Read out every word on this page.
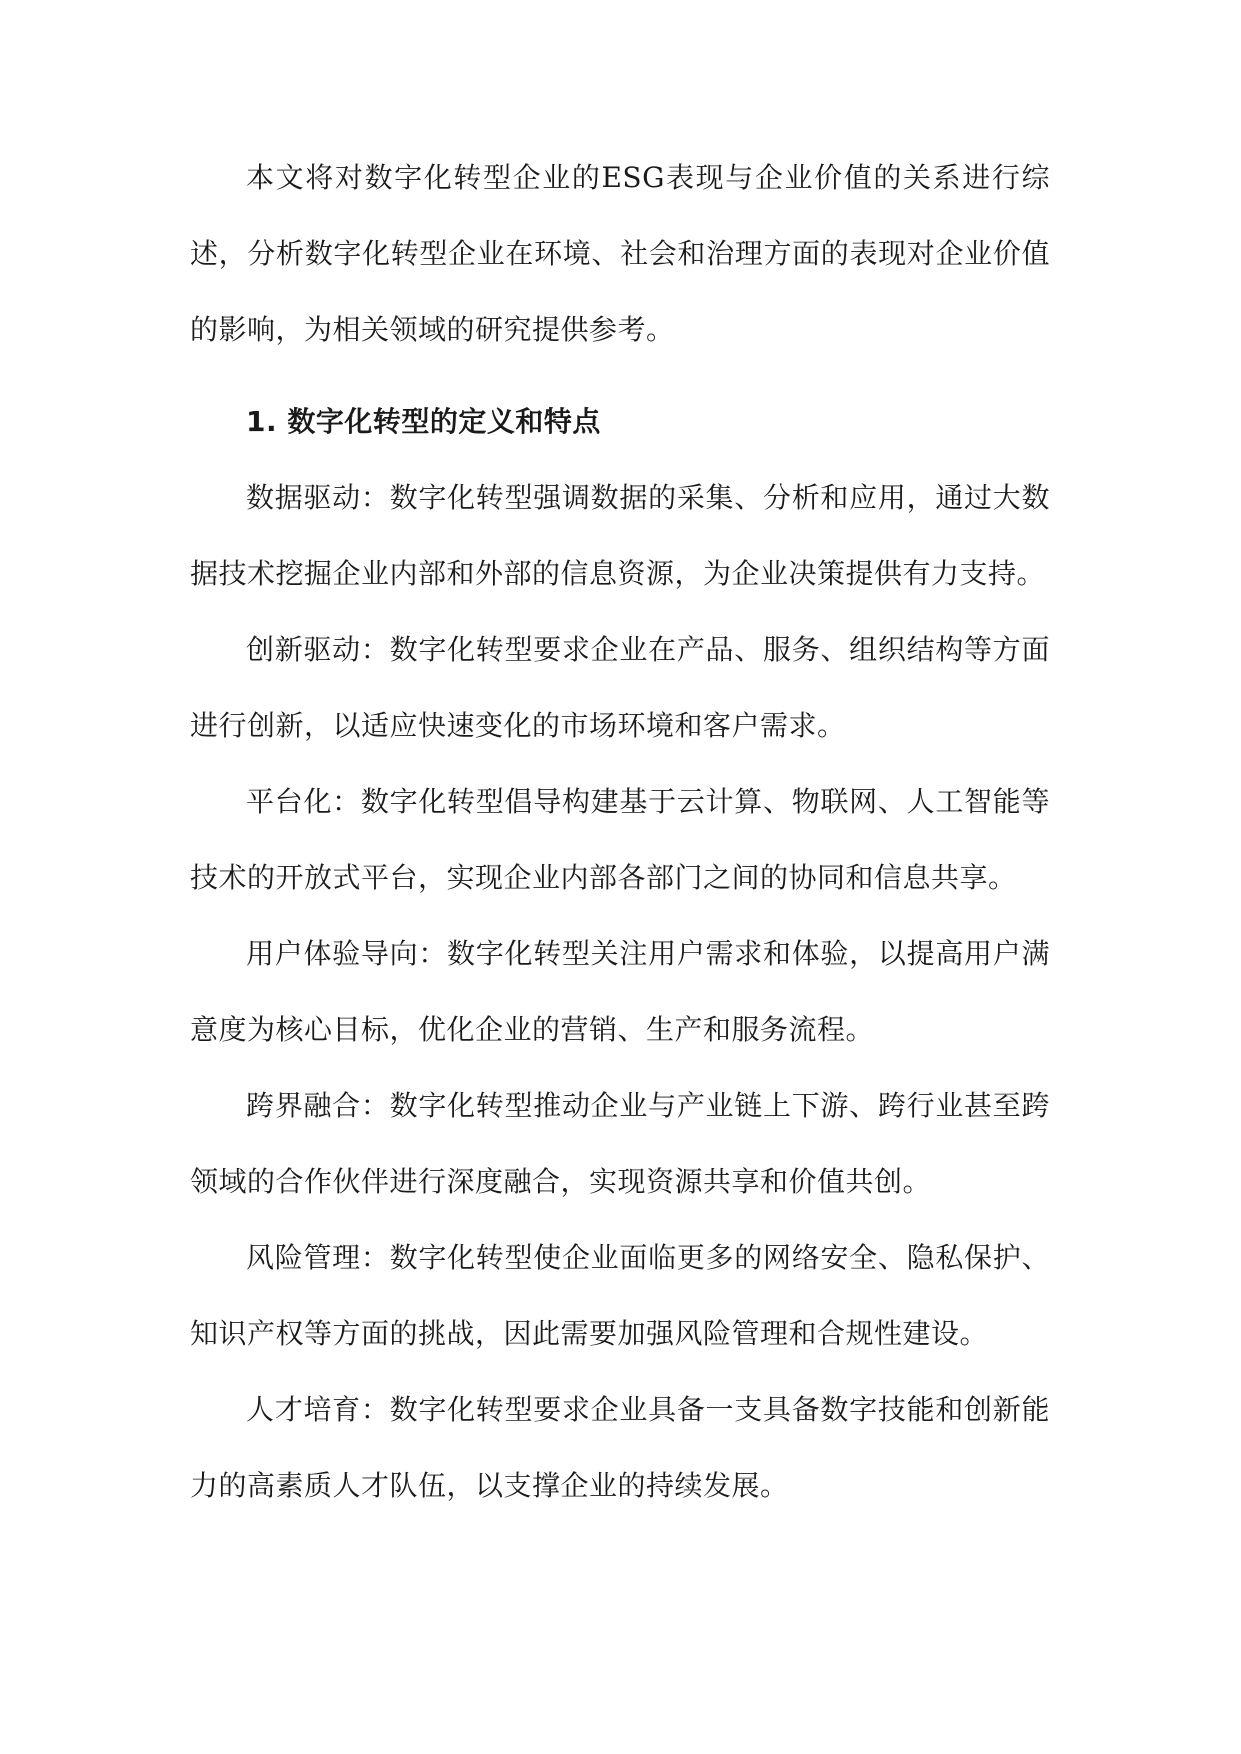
本文将对数字化转型企业的ESG表现与企业价值的关系进行综述，分析数字化转型企业在环境、社会和治理方面的表现对企业价值的影响，为相关领域的研究提供参考。

1. 数字化转型的定义和特点

数据驱动：数字化转型强调数据的采集、分析和应用，通过大数据技术挖掘企业内部和外部的信息资源，为企业决策提供有力支持。

创新驱动：数字化转型要求企业在产品、服务、组织结构等方面进行创新，以适应快速变化的市场环境和客户需求。

平台化：数字化转型倡导构建基于云计算、物联网、人工智能等技术的开放式平台，实现企业内部各部门之间的协同和信息共享。

用户体验导向：数字化转型关注用户需求和体验，以提高用户满意度为核心目标，优化企业的营销、生产和服务流程。

跨界融合：数字化转型推动企业与产业链上下游、跨行业甚至跨领域的合作伙伴进行深度融合，实现资源共享和价值共创。

风险管理：数字化转型使企业面临更多的网络安全、隐私保护、知识产权等方面的挑战，因此需要加强风险管理和合规性建设。

人才培育：数字化转型要求企业具备一支具备数字技能和创新能力的高素质人才队伍，以支撑企业的持续发展。
